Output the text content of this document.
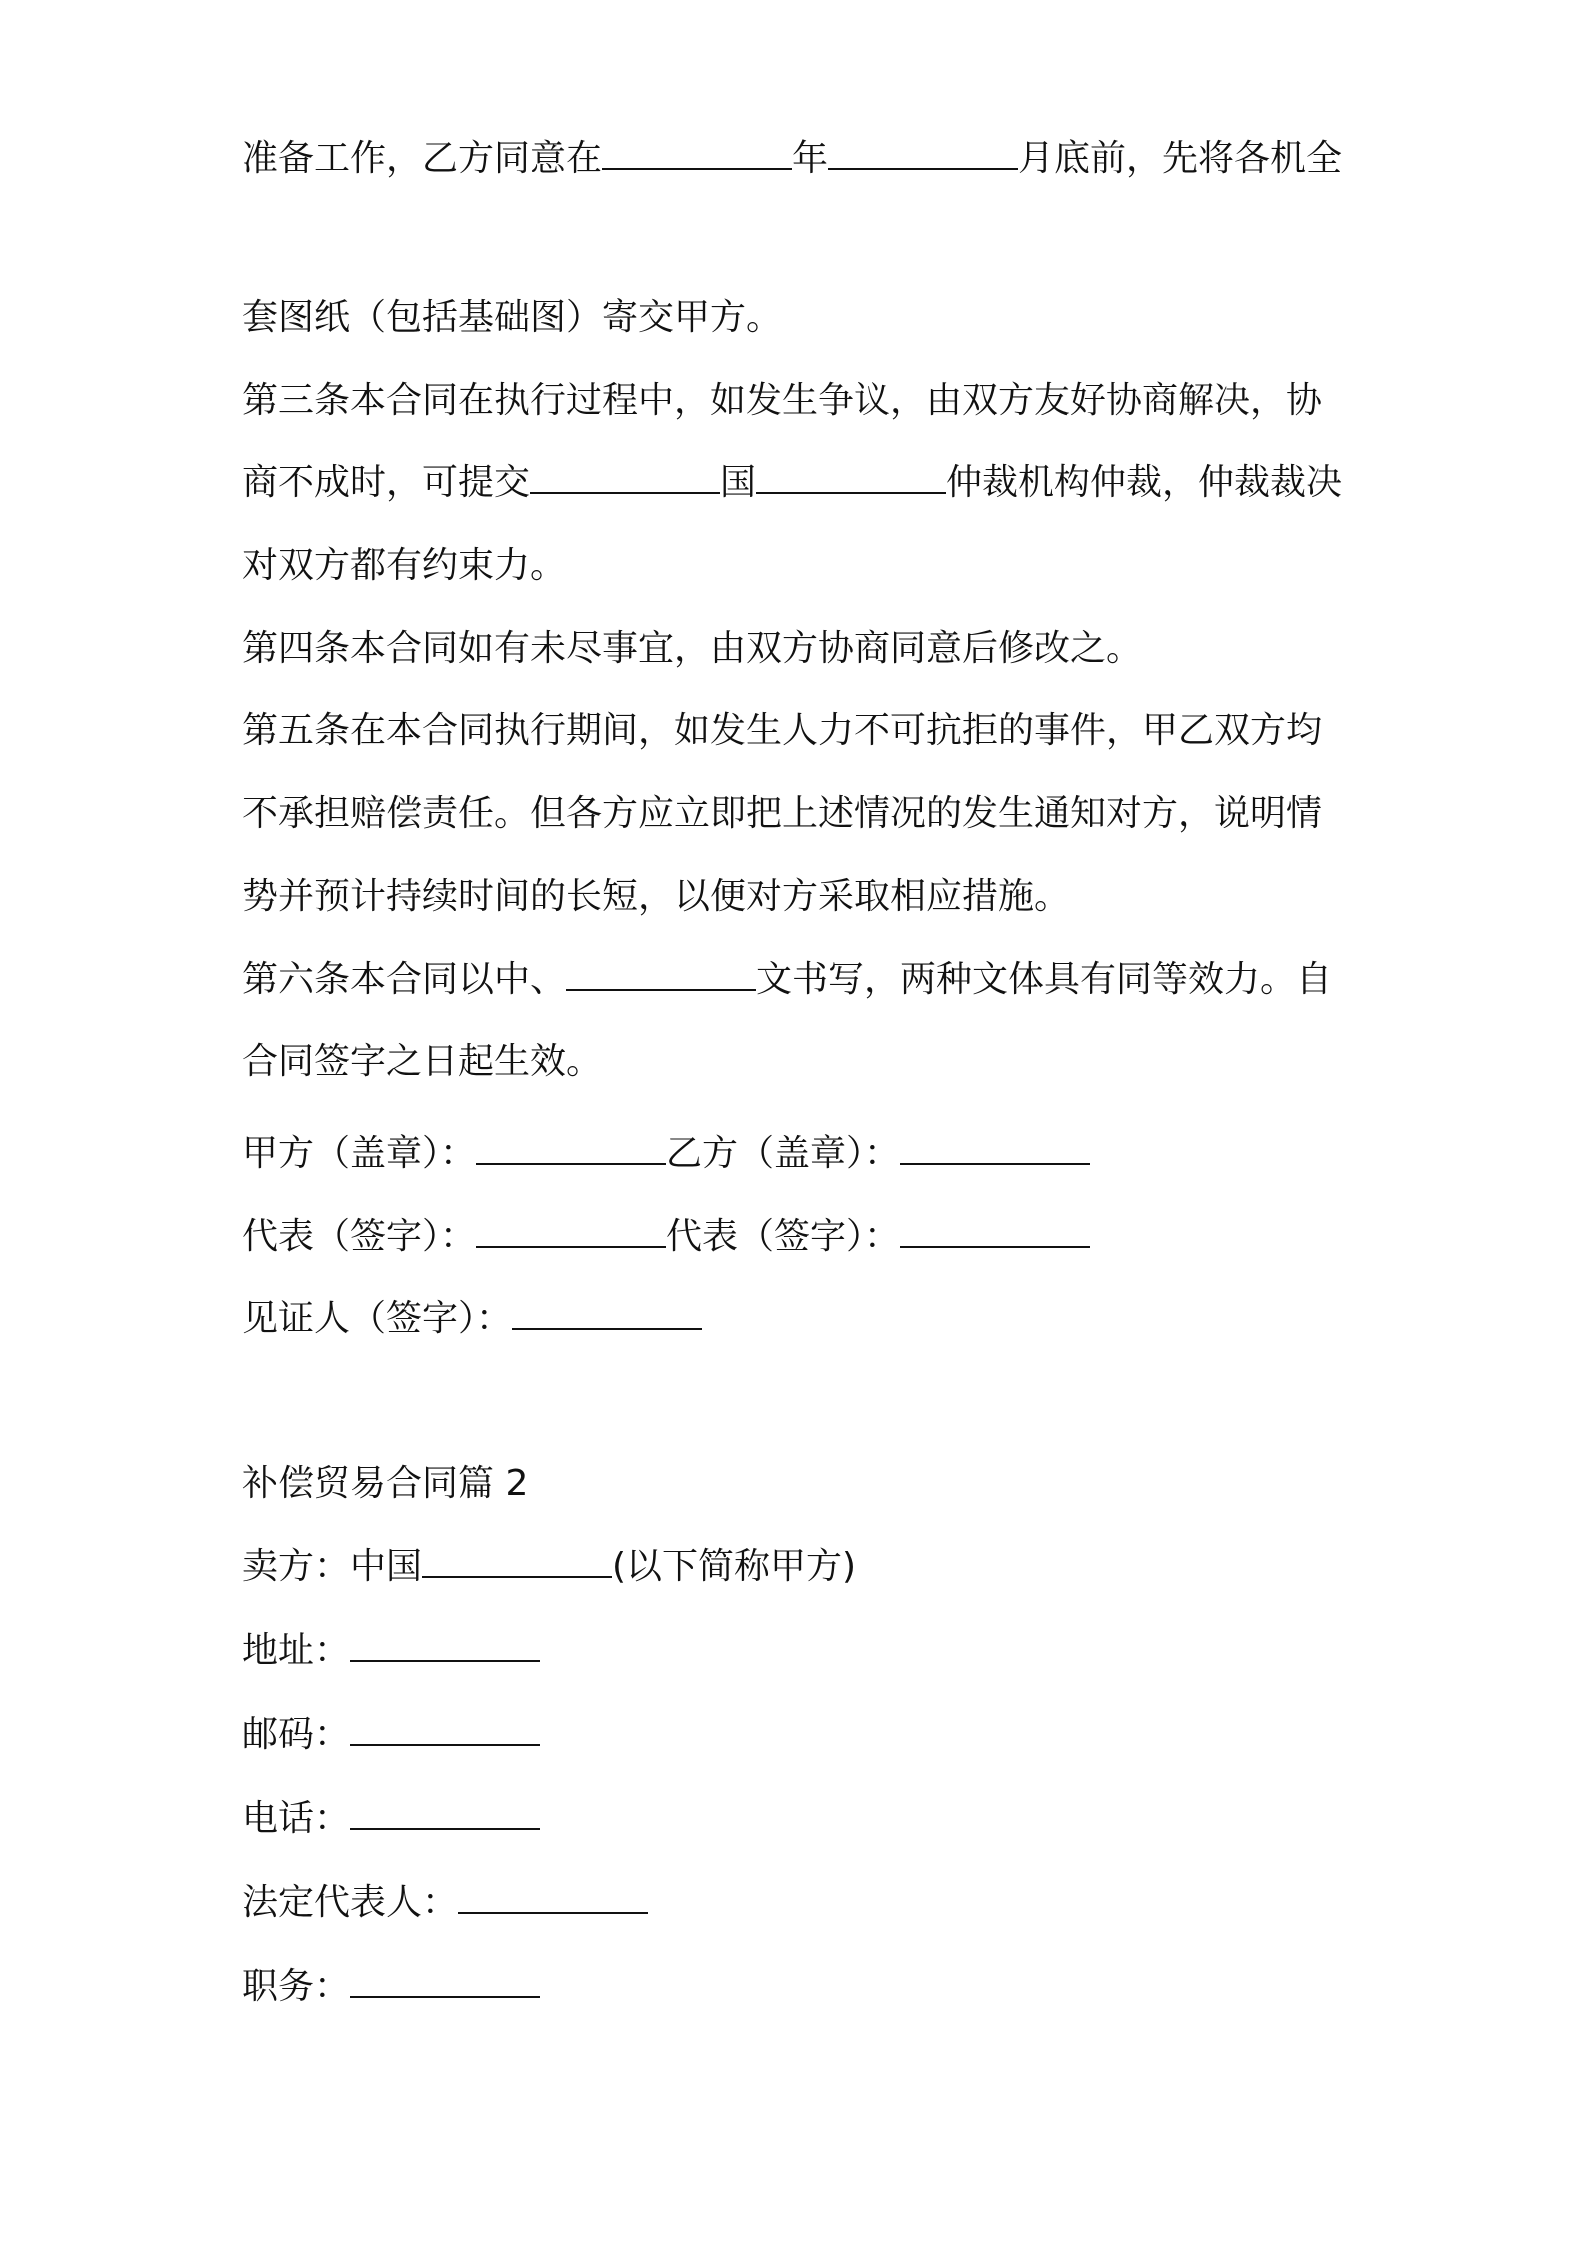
准备工作，乙方同意在	年	月底前，先将各机全
套图纸（包括基础图）寄交甲方。
第三条本合同在执行过程中，如发生争议，由双方友好协商解决，协
商不成时，可提交	国	仲裁机构仲裁，仲裁裁决
对双方都有约束力。
第四条本合同如有未尽事宜，由双方协商同意后修改之。
第五条在本合同执行期间，如发生人力不可抗拒的事件，甲乙双方均
不承担赔偿责任。但各方应立即把上述情况的发生通知对方，说明情
势并预计持续时间的长短，以便对方采取相应措施。
第六条本合同以中、	文书写，两种文体具有同等效力。自
合同签字之日起生效。
甲方（盖章）：	乙方（盖章）：
代表（签字）：	代表（签字）：
见证人（签字）：
补偿贸易合同篇 2
卖方：中国	(以下简称甲方)
地址：
邮码：
电话：
法定代表人：
职务：
